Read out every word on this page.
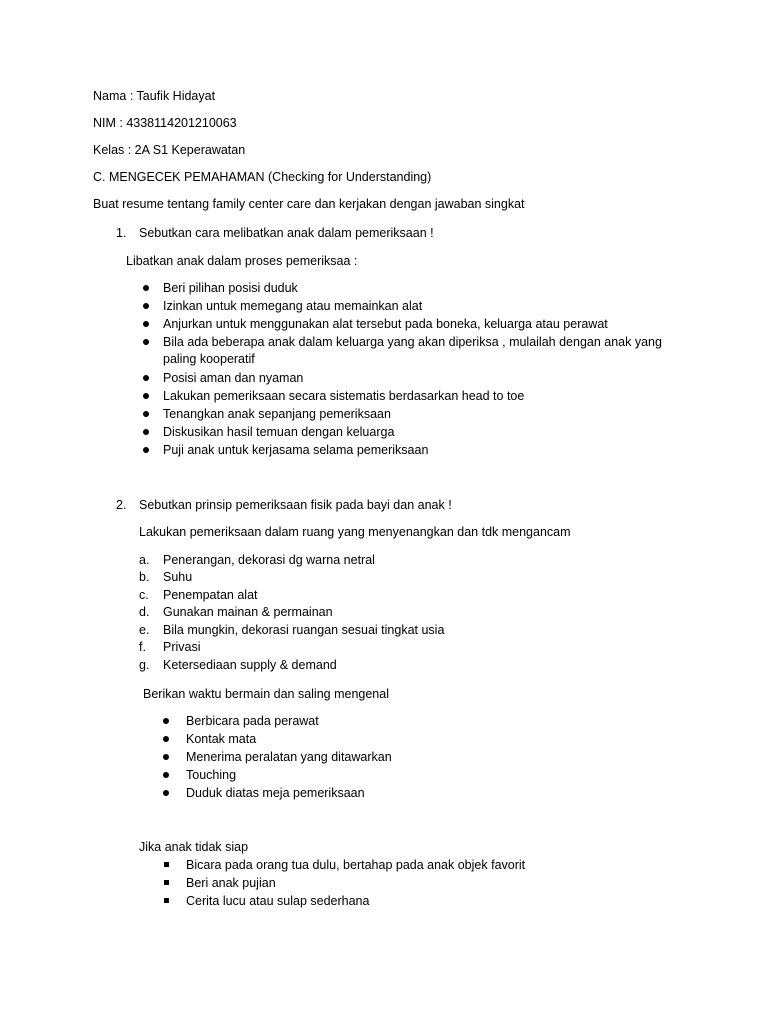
Nama : Taufik Hidayat
NIM : 4338114201210063
Kelas : 2A S1 Keperawatan
C. MENGECEK PEMAHAMAN (Checking for Understanding)
Buat resume tentang family center care dan kerjakan dengan jawaban singkat
1. Sebutkan cara melibatkan anak dalam pemeriksaan !
Libatkan anak dalam proses pemeriksaa :
Beri pilihan posisi duduk
Izinkan untuk memegang atau memainkan alat
Anjurkan untuk menggunakan alat tersebut pada boneka, keluarga atau perawat
Bila ada beberapa anak dalam keluarga yang akan diperiksa , mulailah dengan anak yang
paling kooperatif
Posisi aman dan nyaman
Lakukan pemeriksaan secara sistematis berdasarkan head to toe
Tenangkan anak sepanjang pemeriksaan
Diskusikan hasil temuan dengan keluarga
Puji anak untuk kerjasama selama pemeriksaan
2. Sebutkan prinsip pemeriksaan fisik pada bayi dan anak !
Lakukan pemeriksaan dalam ruang yang menyenangkan dan tdk mengancam
a. Penerangan, dekorasi dg warna netral
b. Suhu
c. Penempatan alat
d. Gunakan mainan & permainan
e. Bila mungkin, dekorasi ruangan sesuai tingkat usia
f. Privasi
g. Ketersediaan supply & demand
Berikan waktu bermain dan saling mengenal
Berbicara pada perawat
Kontak mata
Menerima peralatan yang ditawarkan
Touching
Duduk diatas meja pemeriksaan
Jika anak tidak siap
Bicara pada orang tua dulu, bertahap pada anak objek favorit
Beri anak pujian
Cerita lucu atau sulap sederhana
